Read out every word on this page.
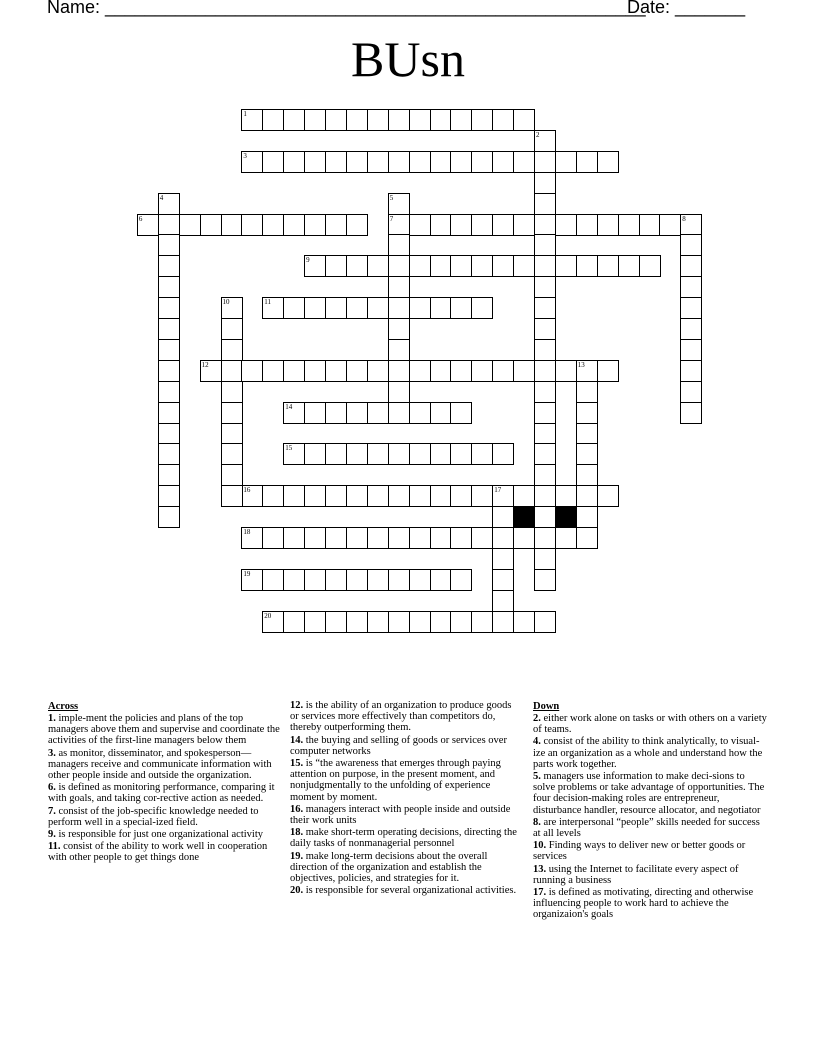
Name: ______________________________________________________
Date: _______
BUsn
1
3
6	7	8
9
11
12	13
14
15
16	17
18
19
20
2
4	5
10
Across
1. imple-ment the policies and plans of the top managers above them and supervise and coordinate the activities of the first-line managers below them
3. as monitor, disseminator, and spokesperson— managers receive and communicate information with other people inside and outside the organization.
6. is defined as monitoring performance, comparing it with goals, and taking cor-rective action as needed.
7. consist of the job-specific knowledge needed to perform well in a special-ized field.
9. is responsible for just one organizational activity
11. consist of the ability to work well in cooperation with other people to get things done
12. is the ability of an organization to produce goods or services more effectively than competitors do, thereby outperforming them.
14. the buying and selling of goods or services over computer networks
15. is “the awareness that emerges through paying attention on purpose, in the present moment, and nonjudgmentally to the unfolding of experience moment by moment.
16. managers interact with people inside and outside their work units
18. make short-term operating decisions, directing the daily tasks of nonmanagerial personnel
19. make long-term decisions about the overall direction of the organization and establish the objectives, policies, and strategies for it.
20. is responsible for several organizational activities.
Down
2. either work alone on tasks or with others on a variety of teams.
4. consist of the ability to think analytically, to visual-ize an organization as a whole and understand how the parts work together.
5. managers use information to make deci-sions to solve problems or take advantage of opportunities. The four decision-making roles are entrepreneur, disturbance handler, resource allocator, and negotiator
8. are interpersonal “people” skills needed for success at all levels
10. Finding ways to deliver new or better goods or services
13. using the Internet to facilitate every aspect of running a business
17. is defined as motivating, directing and otherwise influencing people to work hard to achieve the organizaion's goals
